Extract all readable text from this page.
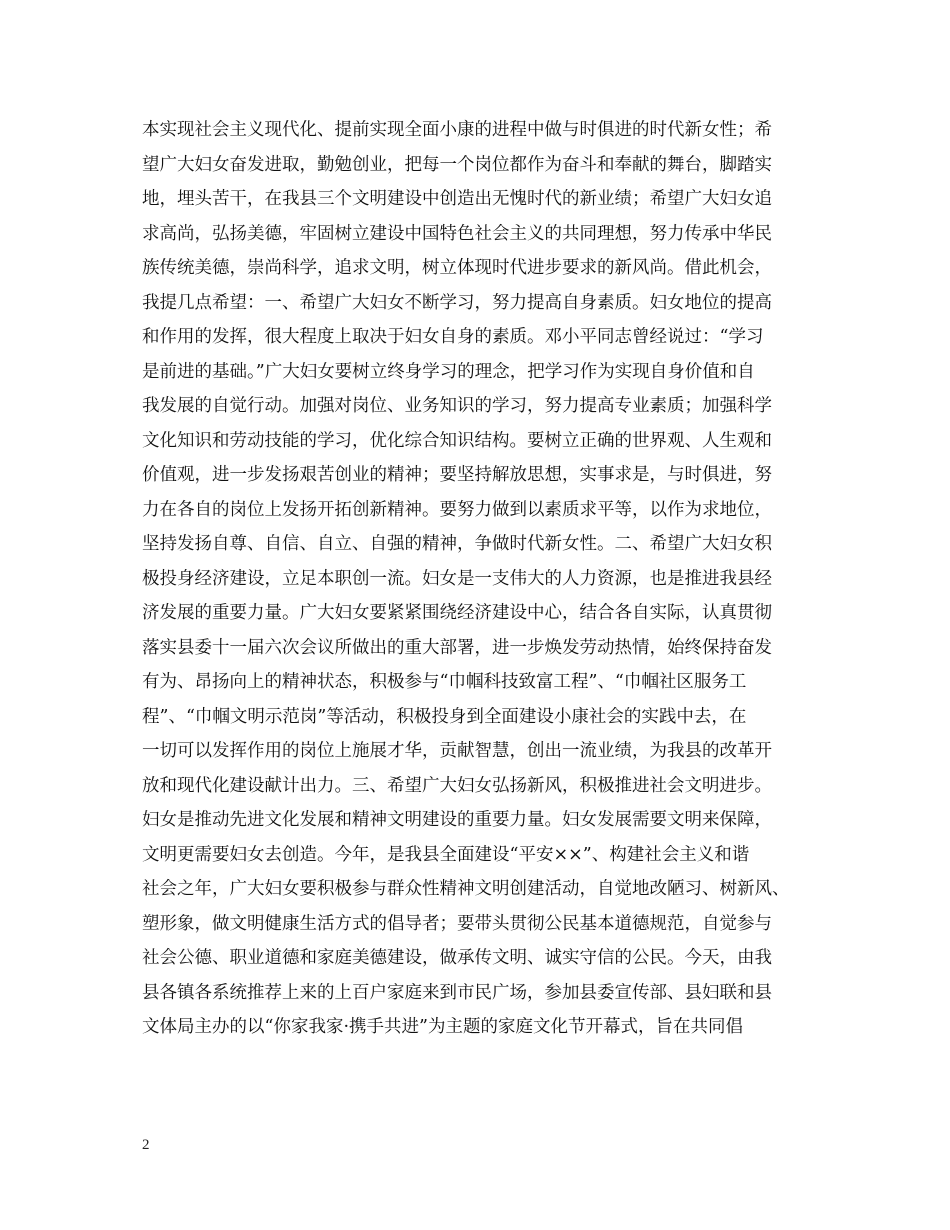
本实现社会主义现代化、提前实现全面小康的进程中做与时俱进的时代新女性；希
望广大妇女奋发进取，勤勉创业，把每一个岗位都作为奋斗和奉献的舞台，脚踏实
地，埋头苦干，在我县三个文明建设中创造出无愧时代的新业绩；希望广大妇女追
求高尚，弘扬美德，牢固树立建设中国特色社会主义的共同理想，努力传承中华民
族传统美德，崇尚科学，追求文明，树立体现时代进步要求的新风尚。借此机会，
我提几点希望：一、希望广大妇女不断学习，努力提高自身素质。妇女地位的提高
和作用的发挥，很大程度上取决于妇女自身的素质。邓小平同志曾经说过：“学习
是前进的基础。”广大妇女要树立终身学习的理念，把学习作为实现自身价值和自
我发展的自觉行动。加强对岗位、业务知识的学习，努力提高专业素质；加强科学
文化知识和劳动技能的学习，优化综合知识结构。要树立正确的世界观、人生观和
价值观，进一步发扬艰苦创业的精神；要坚持解放思想，实事求是，与时俱进，努
力在各自的岗位上发扬开拓创新精神。要努力做到以素质求平等，以作为求地位，
坚持发扬自尊、自信、自立、自强的精神，争做时代新女性。二、希望广大妇女积
极投身经济建设，立足本职创一流。妇女是一支伟大的人力资源，也是推进我县经
济发展的重要力量。广大妇女要紧紧围绕经济建设中心，结合各自实际，认真贯彻
落实县委十一届六次会议所做出的重大部署，进一步焕发劳动热情，始终保持奋发
有为、昂扬向上的精神状态，积极参与“巾帼科技致富工程”、“巾帼社区服务工
程”、“巾帼文明示范岗”等活动，积极投身到全面建设小康社会的实践中去，在
一切可以发挥作用的岗位上施展才华，贡献智慧，创出一流业绩，为我县的改革开
放和现代化建设献计出力。三、希望广大妇女弘扬新风，积极推进社会文明进步。
妇女是推动先进文化发展和精神文明建设的重要力量。妇女发展需要文明来保障，
文明更需要妇女去创造。今年，是我县全面建设“平安××”、构建社会主义和谐
社会之年，广大妇女要积极参与群众性精神文明创建活动，自觉地改陋习、树新风、
塑形象，做文明健康生活方式的倡导者；要带头贯彻公民基本道德规范，自觉参与
社会公德、职业道德和家庭美德建设，做承传文明、诚实守信的公民。今天，由我
县各镇各系统推荐上来的上百户家庭来到市民广场，参加县委宣传部、县妇联和县
文体局主办的以“你家我家·携手共进”为主题的家庭文化节开幕式，旨在共同倡
2
